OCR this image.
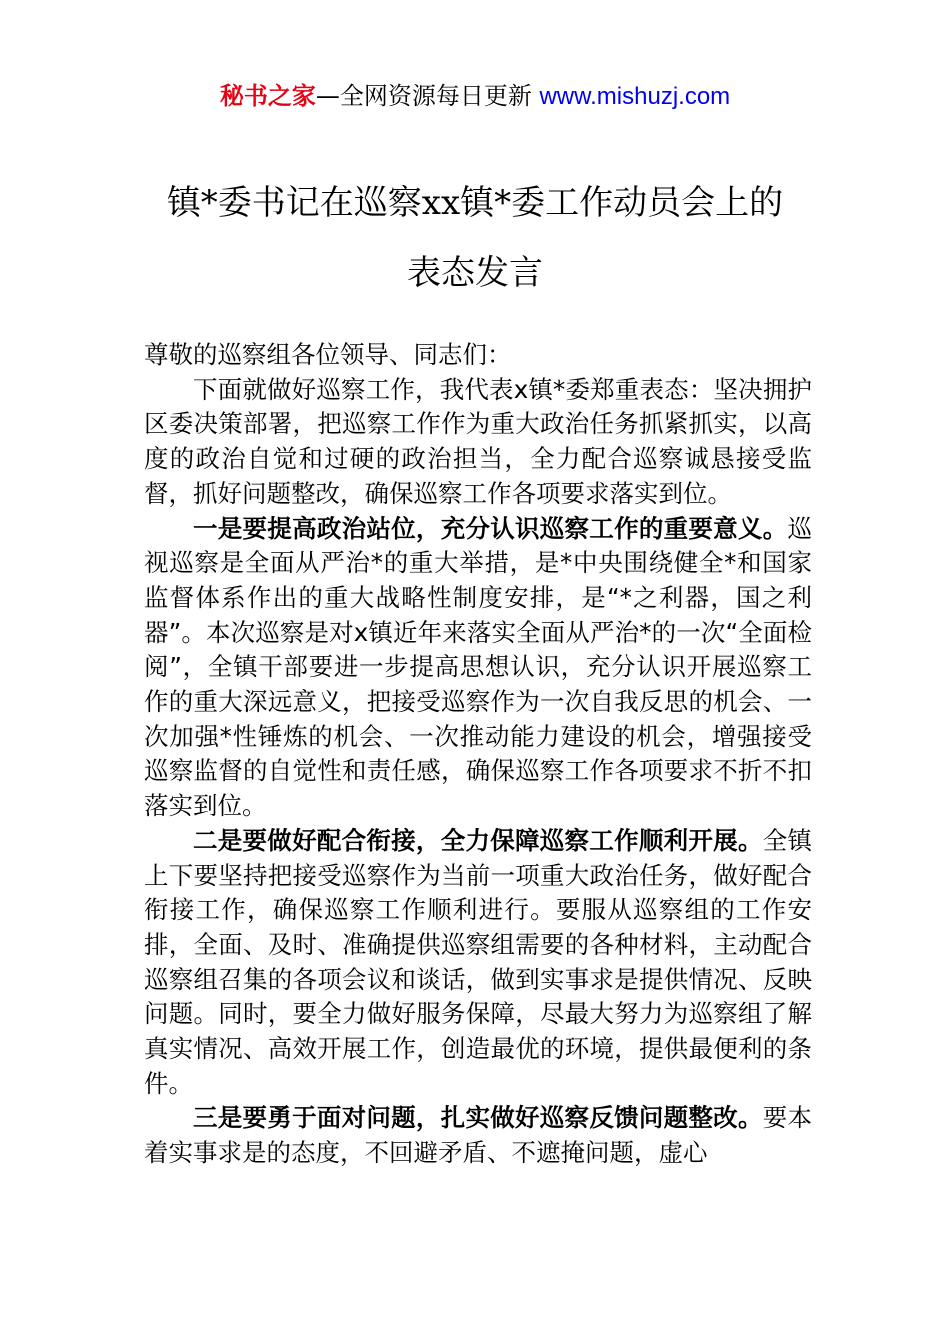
秘书之家—全网资源每日更新 www.mishuzj.com
镇*委书记在巡察xx镇*委工作动员会上的
表态发言

尊敬的巡察组各位领导、同志们：

下面就做好巡察工作，我代表x镇*委郑重表态：坚决拥护区委决策部署，把巡察工作作为重大政治任务抓紧抓实，以高度的政治自觉和过硬的政治担当，全力配合巡察诚恳接受监督，抓好问题整改，确保巡察工作各项要求落实到位。

一是要提高政治站位，充分认识巡察工作的重要意义。巡视巡察是全面从严治*的重大举措，是*中央围绕健全*和国家监督体系作出的重大战略性制度安排，是“*之利器，国之利器”。本次巡察是对x镇近年来落实全面从严治*的一次“全面检阅”，全镇干部要进一步提高思想认识，充分认识开展巡察工作的重大深远意义，把接受巡察作为一次自我反思的机会、一次加强*性锤炼的机会、一次推动能力建设的机会，增强接受巡察监督的自觉性和责任感，确保巡察工作各项要求不折不扣落实到位。

二是要做好配合衔接，全力保障巡察工作顺利开展。全镇上下要坚持把接受巡察作为当前一项重大政治任务，做好配合衔接工作，确保巡察工作顺利进行。要服从巡察组的工作安排，全面、及时、准确提供巡察组需要的各种材料，主动配合巡察组召集的各项会议和谈话，做到实事求是提供情况、反映问题。同时，要全力做好服务保障，尽最大努力为巡察组了解真实情况、高效开展工作，创造最优的环境，提供最便利的条件。

三是要勇于面对问题，扎实做好巡察反馈问题整改。要本着实事求是的态度，不回避矛盾、不遮掩问题，虚心
